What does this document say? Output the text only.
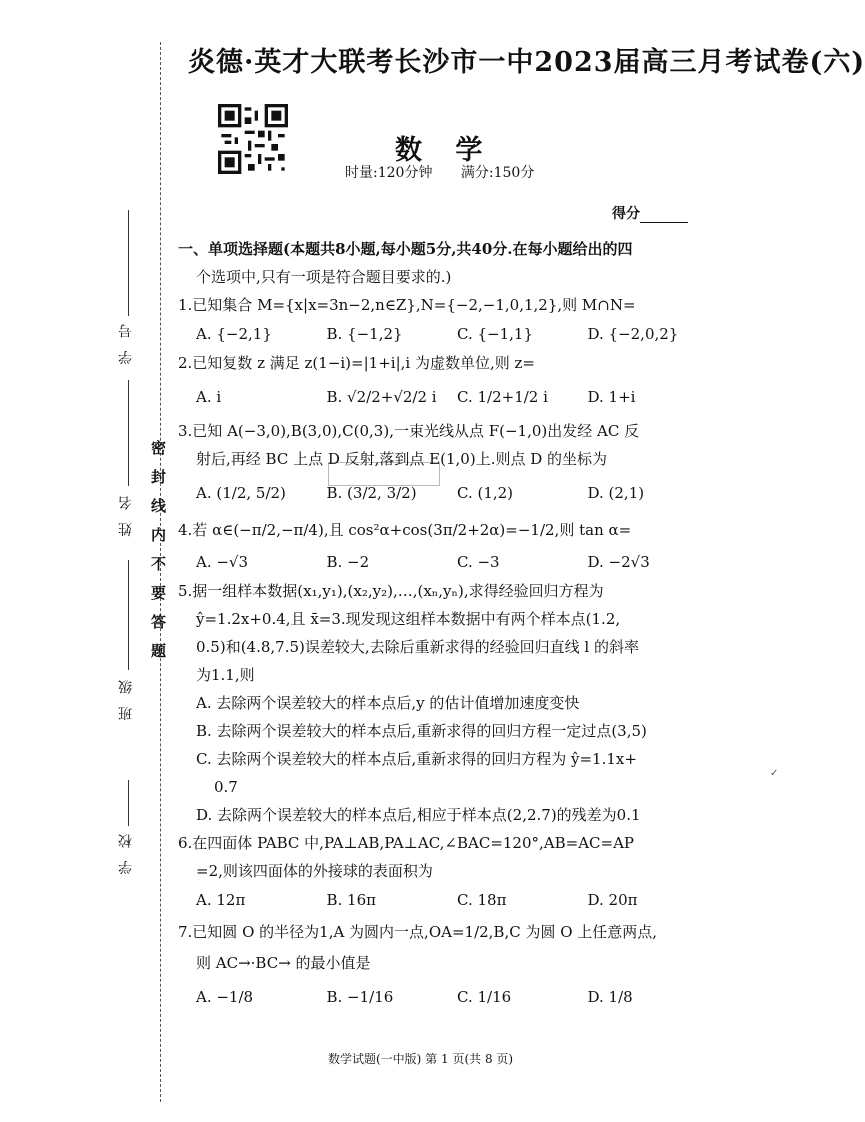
学 校
班 级
姓 名
学 号
密封线内不要答题
炎德·英才大联考长沙市一中2023届高三月考试卷(六)
数 学
时量:120分钟 满分:150分
得分
一、单项选择题(本题共8小题,每小题5分,共40分.在每小题给出的四
个选项中,只有一项是符合题目要求的.)
1.已知集合 M={x|x=3n−2,n∈Z},N={−2,−1,0,1,2},则 M∩N=
A. {−2,1}	B. {−1,2}	C. {−1,1}	D. {−2,0,2}
2.已知复数 z 满足 z(1−i)=|1+i|,i 为虚数单位,则 z=
A. i	B. √2/2+√2/2 i	C. 1/2+1/2 i	D. 1+i
3.已知 A(−3,0),B(3,0),C(0,3),一束光线从点 F(−1,0)出发经 AC 反
射后,再经 BC 上点 D 反射,落到点 E(1,0)上.则点 D 的坐标为
A. (1/2, 5/2)	B. (3/2, 3/2)	C. (1,2)	D. (2,1)
4.若 α∈(−π/2,−π/4),且 cos²α+cos(3π/2+2α)=−1/2,则 tan α=
A. −√3	B. −2	C. −3	D. −2√3
5.据一组样本数据(x₁,y₁),(x₂,y₂),…,(xₙ,yₙ),求得经验回归方程为
ŷ=1.2x+0.4,且 x̄=3.现发现这组样本数据中有两个样本点(1.2,
0.5)和(4.8,7.5)误差较大,去除后重新求得的经验回归直线 l 的斜率
为1.1,则
A. 去除两个误差较大的样本点后,y 的估计值增加速度变快
B. 去除两个误差较大的样本点后,重新求得的回归方程一定过点(3,5)
C. 去除两个误差较大的样本点后,重新求得的回归方程为 ŷ=1.1x+
0.7
D. 去除两个误差较大的样本点后,相应于样本点(2,2.7)的残差为0.1
6.在四面体 PABC 中,PA⊥AB,PA⊥AC,∠BAC=120°,AB=AC=AP
=2,则该四面体的外接球的表面积为
A. 12π	B. 16π	C. 18π	D. 20π
7.已知圆 O 的半径为1,A 为圆内一点,OA=1/2,B,C 为圆 O 上任意两点,
则 AC→·BC→ 的最小值是
A. −1/8	B. −1/16	C. 1/16	D. 1/8
✓
数学试题(一中版) 第 1 页(共 8 页)
